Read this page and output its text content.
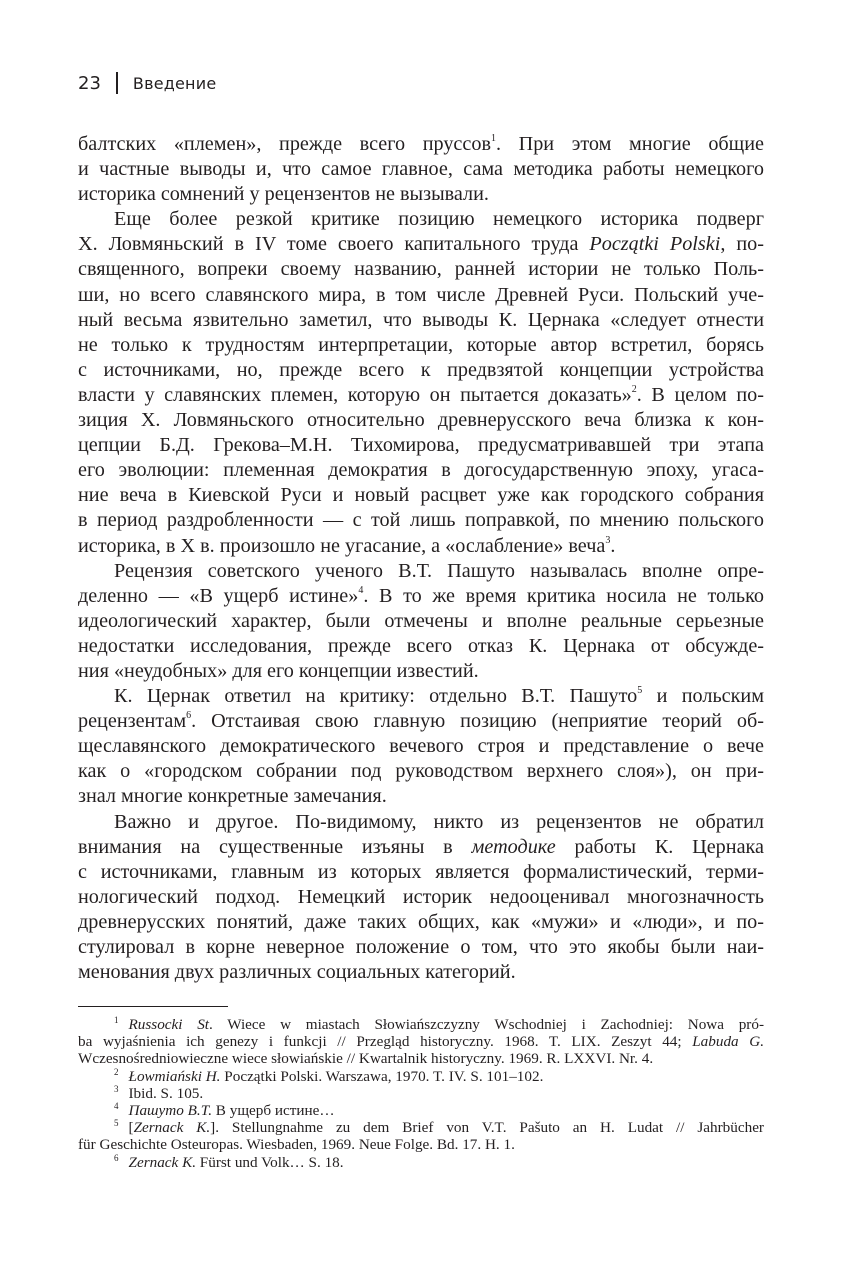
23 Введение
балтских «племен», прежде всего пруссов$^1$. При этом многие общие
и частные выводы и, что самое главное, сама методика работы немецкого
историка сомнений у рецензентов не вызывали.
Еще более резкой критике позицию немецкого историка подверг
Х. Ловмяньский в IV томе своего капитального труда Początki Polski, по-
священного, вопреки своему названию, ранней истории не только Поль-
ши, но всего славянского мира, в том числе Древней Руси. Польский уче-
ный весьма язвительно заметил, что выводы К. Цернака «следует отнести
не только к трудностям интерпретации, которые автор встретил, борясь
с источниками, но, прежде всего к предвзятой концепции устройства
власти у славянских племен, которую он пытается доказать»$^2$. В целом по-
зиция Х. Ловмяньского относительно древнерусского веча близка к кон-
цепции Б.Д. Грекова–М.Н. Тихомирова, предусматривавшей три этапа
его эволюции: племенная демократия в догосударственную эпоху, угаса-
ние веча в Киевской Руси и новый расцвет уже как городского собрания
в период раздробленности — с той лишь поправкой, по мнению польского
историка, в X в. произошло не угасание, а «ослабление» веча$^3$.
Рецензия советского ученого В.Т. Пашуто называлась вполне опре-
деленно — «В ущерб истине»$^4$. В то же время критика носила не только
идеологический характер, были отмечены и вполне реальные серьезные
недостатки исследования, прежде всего отказ К. Цернака от обсужде-
ния «неудобных» для его концепции известий.
К. Цернак ответил на критику: отдельно В.Т. Пашуто$^5$ и польским
рецензентам$^6$. Отстаивая свою главную позицию (неприятие теорий об-
щеславянского демократического вечевого строя и представление о вече
как о «городском собрании под руководством верхнего слоя»), он при-
знал многие конкретные замечания.
Важно и другое. По-видимому, никто из рецензентов не обратил
внимания на существенные изъяны в методике работы К. Цернака
с источниками, главным из которых является формалистический, терми-
нологический подход. Немецкий историк недооценивал многозначность
древнерусских понятий, даже таких общих, как «мужи» и «люди», и по-
стулировал в корне неверное положение о том, что это якобы были наи-
менования двух различных социальных категорий.
$^1$ Russocki St. Wiece w miastach Słowiańszczyzny Wschodniej i Zachodniej: Nowa pró-
ba wyjaśnienia ich genezy i funkcji // Przegląd historyczny. 1968. T. LIX. Zeszyt 44; Labuda G.
Wczesnośredniowieczne wiece słowiańskie // Kwartalnik historyczny. 1969. R. LXXVI. Nr. 4.
$^2$ Łowmiański H. Początki Polski. Warszawa, 1970. T. IV. S. 101–102.
$^3$ Ibid. S. 105.
$^4$ Пашуто В.Т. В ущерб истине…
$^5$ [Zernack K.]. Stellungnahme zu dem Brief von V.T. Pašuto an H. Ludat // Jahrbücher
für Geschichte Osteuropas. Wiesbaden, 1969. Neue Folge. Bd. 17. H. 1.
$^6$ Zernack K. Fürst und Volk… S. 18.
